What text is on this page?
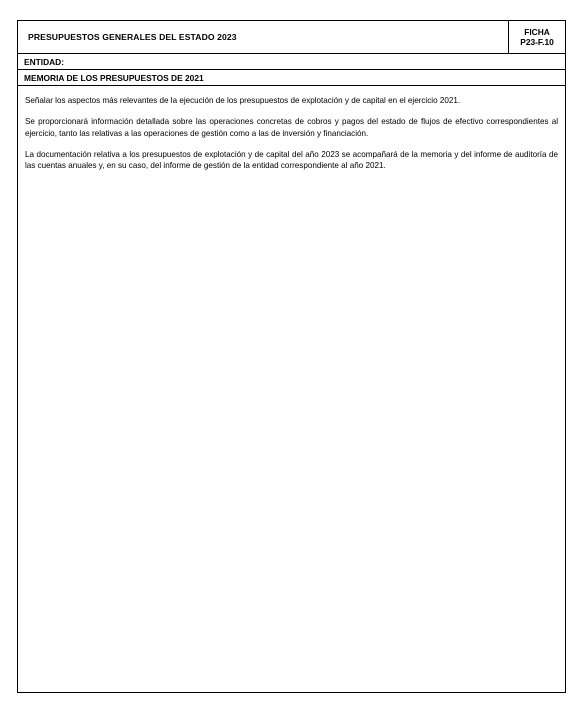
PRESUPUESTOS GENERALES DEL ESTADO 2023	FICHA
P23-F.10
ENTIDAD:
MEMORIA DE LOS PRESUPUESTOS DE 2021

Señalar los aspectos más relevantes de la ejecución de los presupuestos de explotación y de capital en el ejercicio 2021.

Se proporcionará información detallada sobre las operaciones concretas de cobros y pagos del estado de flujos de efectivo correspondientes al ejercicio, tanto las relativas a las operaciones de gestión como a las de inversión y financiación.

La documentación relativa a los presupuestos de explotación y de capital del año 2023 se acompañará de la memoria y del informe de auditoría de las cuentas anuales y, en su caso, del informe de gestión de la entidad correspondiente al año 2021.
